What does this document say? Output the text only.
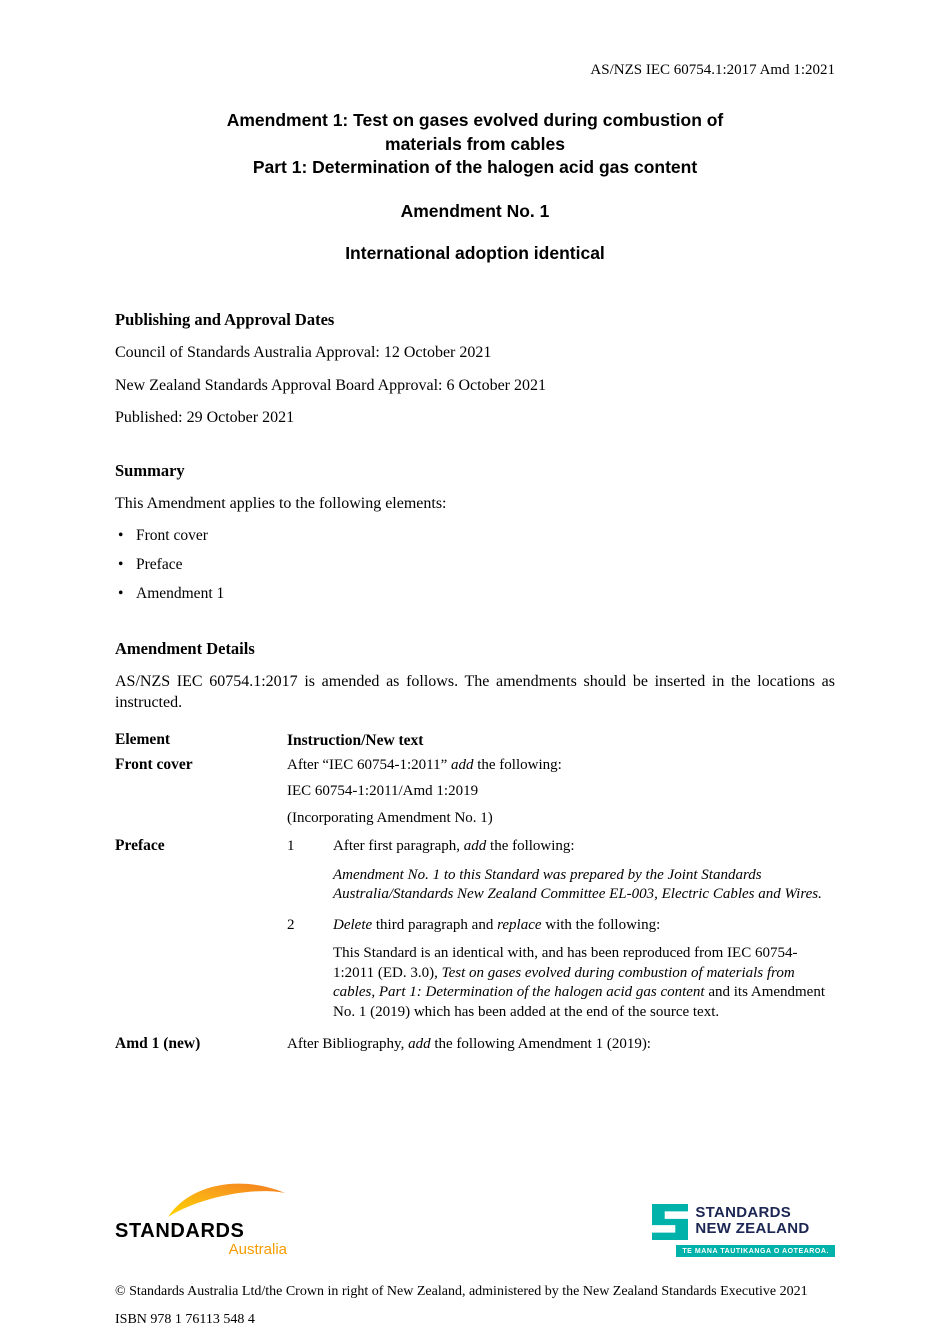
AS/NZS IEC 60754.1:2017 Amd 1:2021
Amendment 1: Test on gases evolved during combustion of
materials from cables
Part 1: Determination of the halogen acid gas content
Amendment No. 1
International adoption identical
Publishing and Approval Dates

Council of Standards Australia Approval: 12 October 2021

New Zealand Standards Approval Board Approval: 6 October 2021

Published: 29 October 2021

Summary

This Amendment applies to the following elements:

• Front cover
• Preface
• Amendment 1
Amendment Details

AS/NZS IEC 60754.1:2017 is amended as follows. The amendments should be inserted in the locations as instructed.

Element	Instruction/New text
Front cover	After “IEC 60754-1:2011” add the following:

IEC 60754-1:2011/Amd 1:2019

(Incorporating Amendment No. 1)

Preface	1	After first paragraph, add the following:

Amendment No. 1 to this Standard was prepared by the Joint Standards Australia/Standards New Zealand Committee EL-003, Electric Cables and Wires.

2	Delete third paragraph and replace with the following:

This Standard is an identical with, and has been reproduced from IEC 60754-1:2011 (ED. 3.0), Test on gases evolved during combustion of materials from cables, Part 1: Determination of the halogen acid gas content and its Amendment No. 1 (2019) which has been added at the end of the source text.

Amd 1 (new)	After Bibliography, add the following Amendment 1 (2019):

STANDARDS
Australia
STANDARDS
NEW ZEALAND
TE MANA TAUTIKANGA O AOTEAROA.

© Standards Australia Ltd/the Crown in right of New Zealand, administered by the New Zealand Standards Executive 2021

ISBN 978 1 76113 548 4
